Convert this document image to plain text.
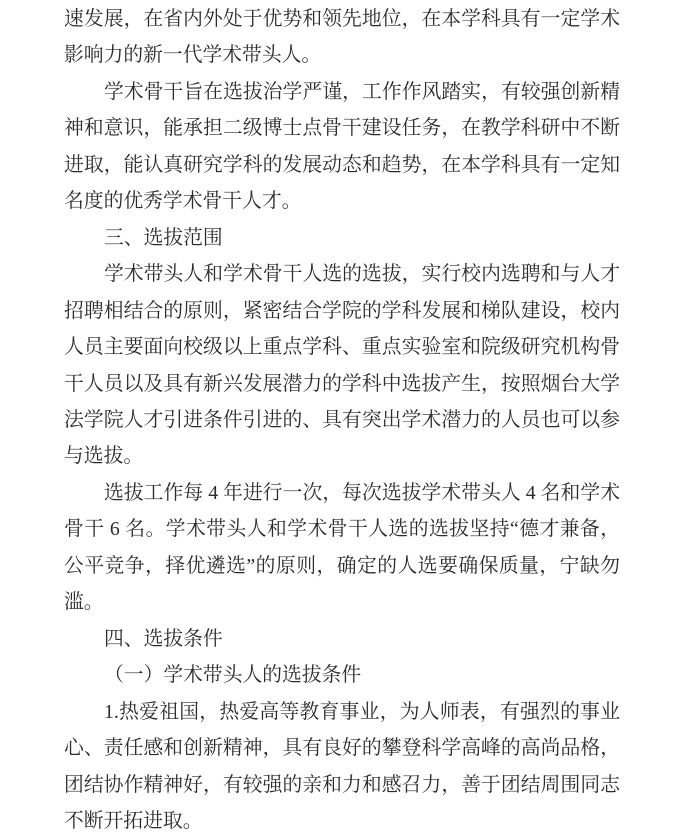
速发展，在省内外处于优势和领先地位，在本学科具有一定学术影响力的新一代学术带头人。

学术骨干旨在选拔治学严谨，工作作风踏实，有较强创新精神和意识，能承担二级博士点骨干建设任务，在教学科研中不断进取，能认真研究学科的发展动态和趋势，在本学科具有一定知名度的优秀学术骨干人才。

三、选拔范围

学术带头人和学术骨干人选的选拔，实行校内选聘和与人才招聘相结合的原则，紧密结合学院的学科发展和梯队建设，校内人员主要面向校级以上重点学科、重点实验室和院级研究机构骨干人员以及具有新兴发展潜力的学科中选拔产生，按照烟台大学法学院人才引进条件引进的、具有突出学术潜力的人员也可以参与选拔。

选拔工作每 4 年进行一次，每次选拔学术带头人 4 名和学术骨干 6 名。学术带头人和学术骨干人选的选拔坚持“德才兼备，公平竞争，择优遴选”的原则，确定的人选要确保质量，宁缺勿滥。

四、选拔条件

（一）学术带头人的选拔条件

1.热爱祖国，热爱高等教育事业，为人师表，有强烈的事业心、责任感和创新精神，具有良好的攀登科学高峰的高尚品格，团结协作精神好，有较强的亲和力和感召力，善于团结周围同志不断开拓进取。
